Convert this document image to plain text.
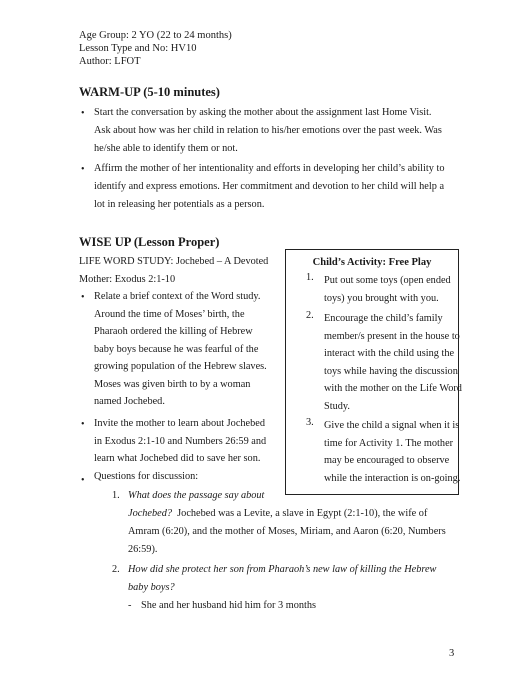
Age Group: 2 YO (22 to 24 months)
Lesson Type and No: HV10
Author: LFOT
WARM-UP (5-10 minutes)
• Start the conversation by asking the mother about the assignment last Home Visit.
Ask about how was her child in relation to his/her emotions over the past week. Was
he/she able to identify them or not.
• Affirm the mother of her intentionality and efforts in developing her child’s ability to
identify and express emotions. Her commitment and devotion to her child will help a
lot in releasing her potentials as a person.
WISE UP (Lesson Proper)
LIFE WORD STUDY: Jochebed – A Devoted
Mother: Exodus 2:1-10
• Relate a brief context of the Word study.
Around the time of Moses’ birth, the
Pharaoh ordered the killing of Hebrew
baby boys because he was fearful of the
growing population of the Hebrew slaves.
Moses was given birth to by a woman
named Jochebed.
• Invite the mother to learn about Jochebed
in Exodus 2:1-10 and Numbers 26:59 and
learn what Jochebed did to save her son.
• Questions for discussion:
1. What does the passage say about
Jochebed?  Jochebed was a Levite, a slave in Egypt (2:1-10), the wife of
Amram (6:20), and the mother of Moses, Miriam, and Aaron (6:20, Numbers
26:59).
2. How did she protect her son from Pharaoh’s new law of killing the Hebrew
baby boys?
- She and her husband hid him for 3 months
Child’s Activity: Free Play
1. Put out some toys (open ended
toys) you brought with you.
2. Encourage the child’s family
member/s present in the house to
interact with the child using the
toys while having the discussion
with the mother on the Life Word
Study.
3. Give the child a signal when it is
time for Activity 1. The mother
may be encouraged to observe
while the interaction is on-going.
3
